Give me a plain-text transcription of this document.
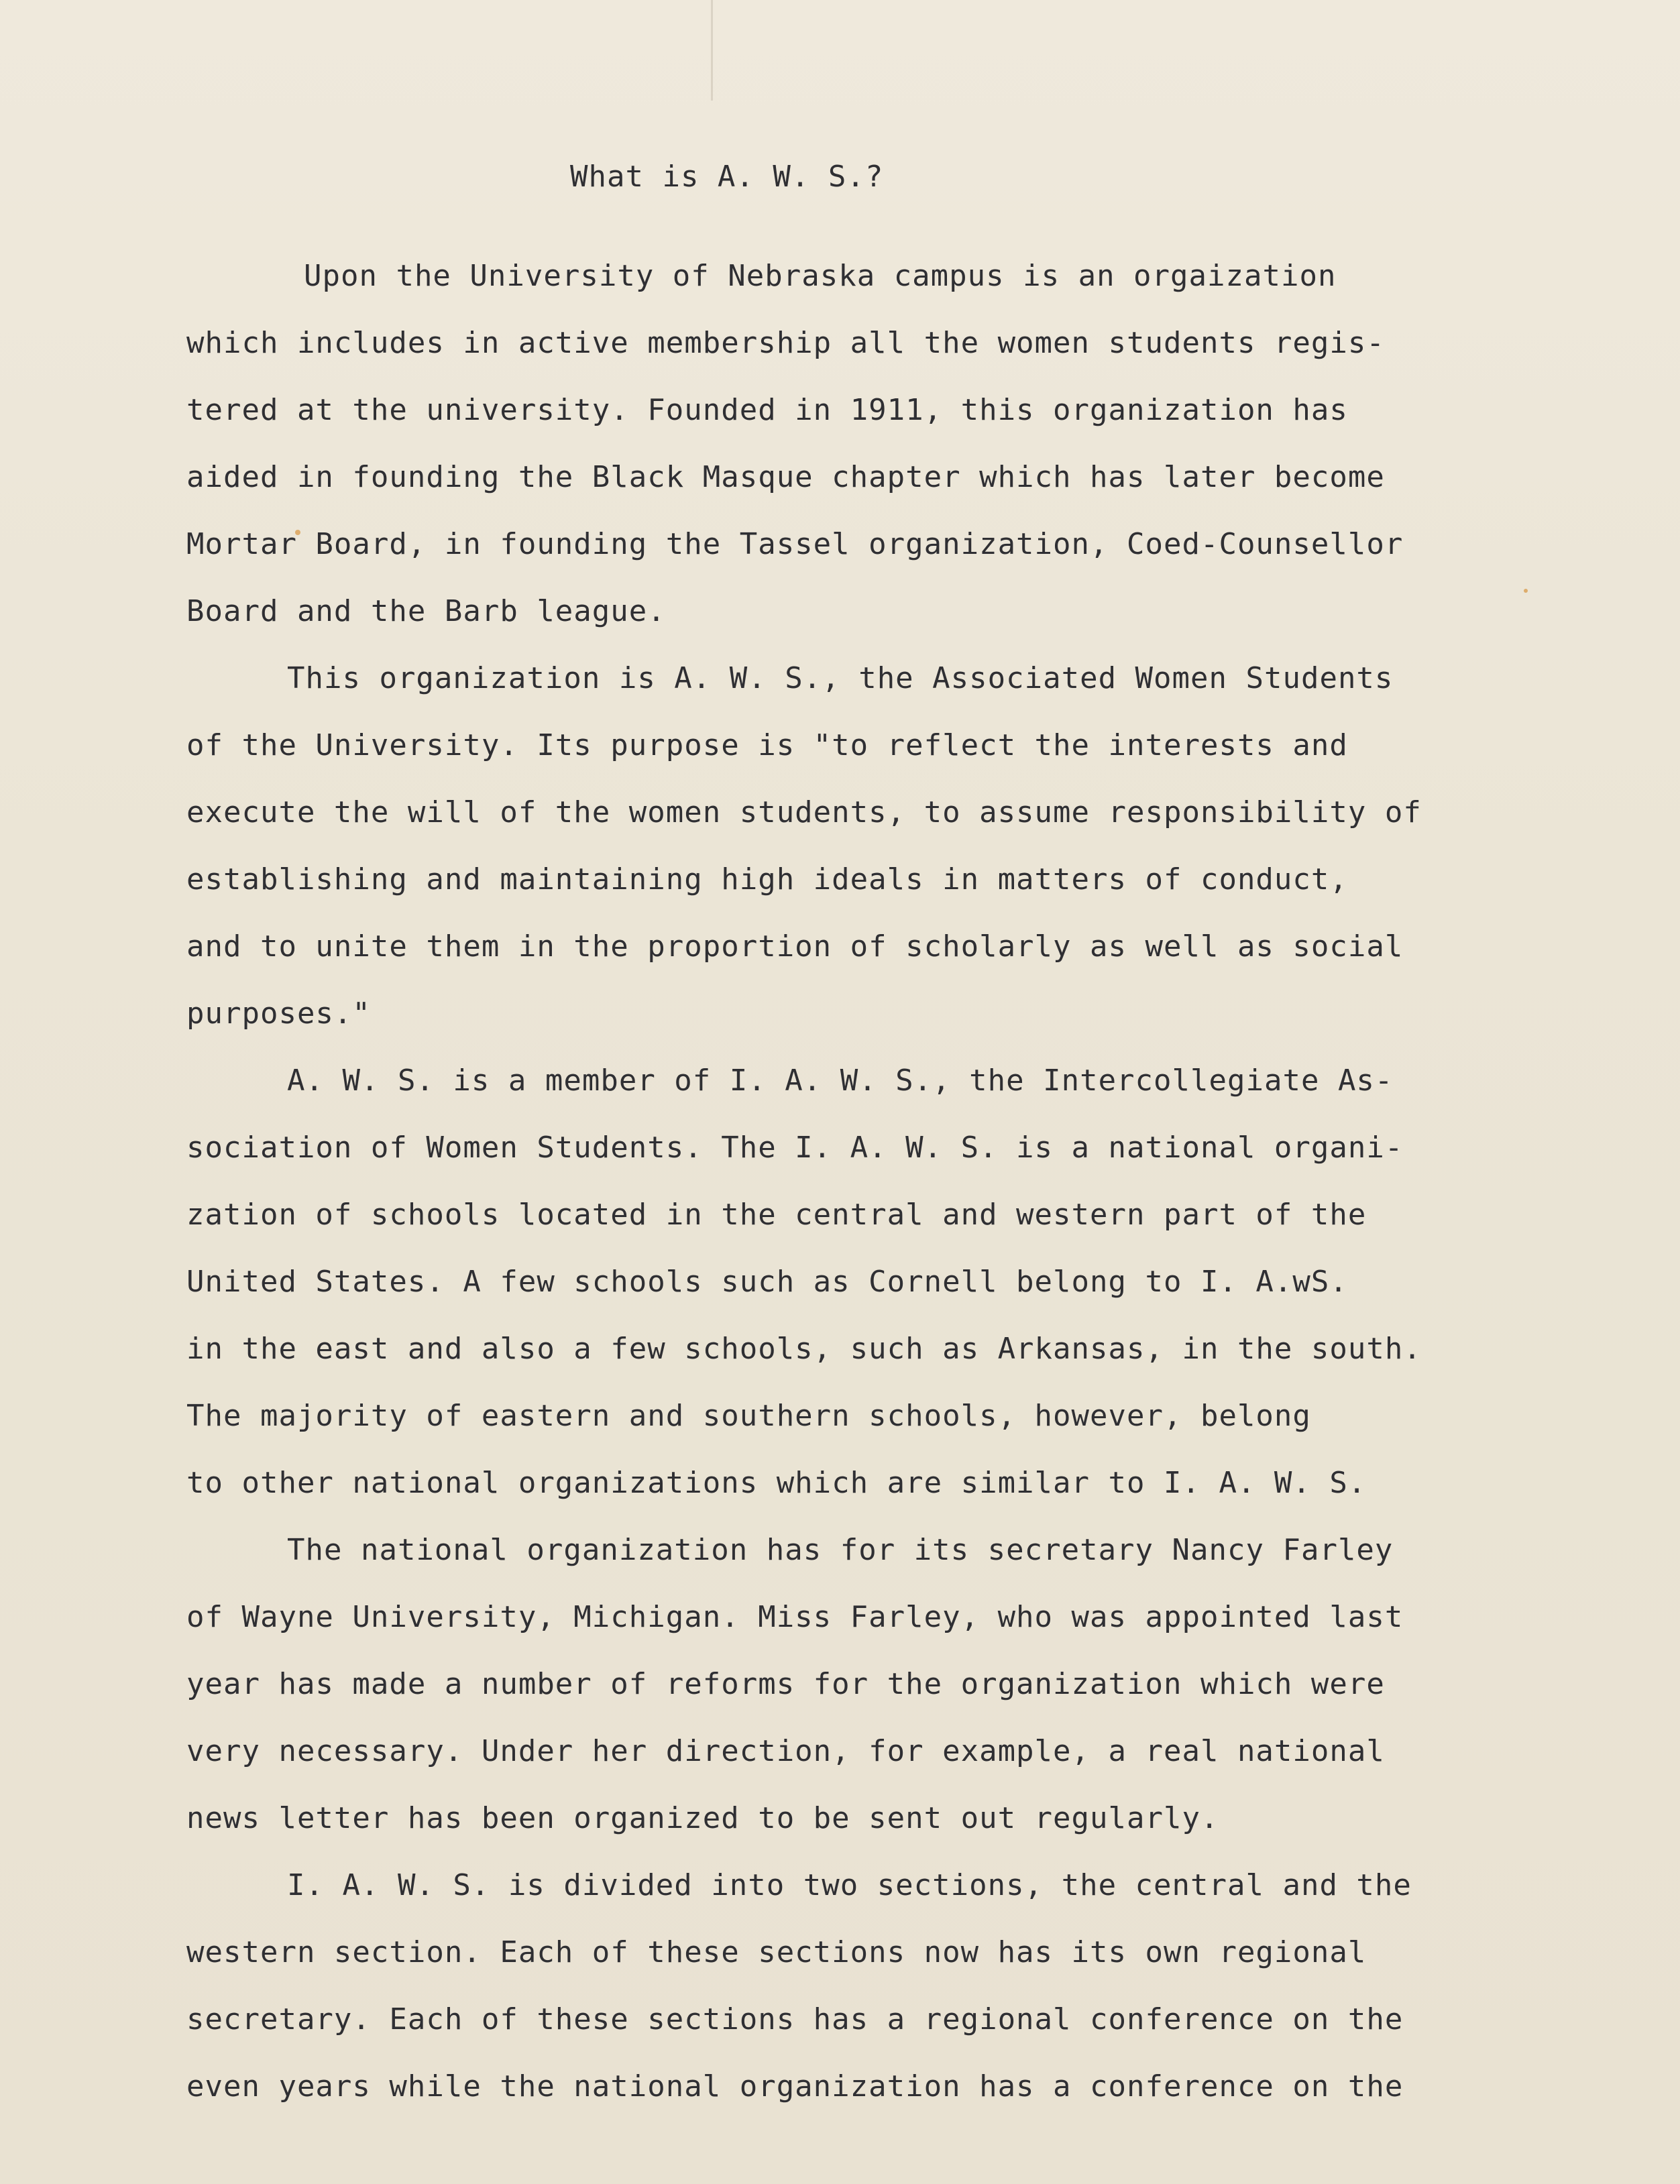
What is A. W. S.?

Upon the University of Nebraska campus is an orgaization

which includes in active membership all the women students regis-

tered at the university. Founded in 1911, this organization has

aided in founding the Black Masque chapter which has later become

Mortar Board, in founding the Tassel organization, Coed-Counsellor

Board and the Barb league.

This organization is A. W. S., the Associated Women Students

of the University. Its purpose is "to reflect the interests and

execute the will of the women students, to assume responsibility of

establishing and maintaining high ideals in matters of conduct,

and to unite them in the proportion of scholarly as well as social

purposes."

A. W. S. is a member of I. A. W. S., the Intercollegiate As-

sociation of Women Students. The I. A. W. S. is a national organi-

zation of schools located in the central and western part of the

United States. A few schools such as Cornell belong to I. A.wS.

in the east and also a few schools, such as Arkansas, in the south.

The majority of eastern and southern schools, however, belong

to other national organizations which are similar to I. A. W. S.

The national organization has for its secretary Nancy Farley

of Wayne University, Michigan. Miss Farley, who was appointed last

year has made a number of reforms for the organization which were

very necessary. Under her direction, for example, a real national

news letter has been organized to be sent out regularly.

I. A. W. S. is divided into two sections, the central and the

western section. Each of these sections now has its own regional

secretary. Each of these sections has a regional conference on the

even years while the national organization has a conference on the
